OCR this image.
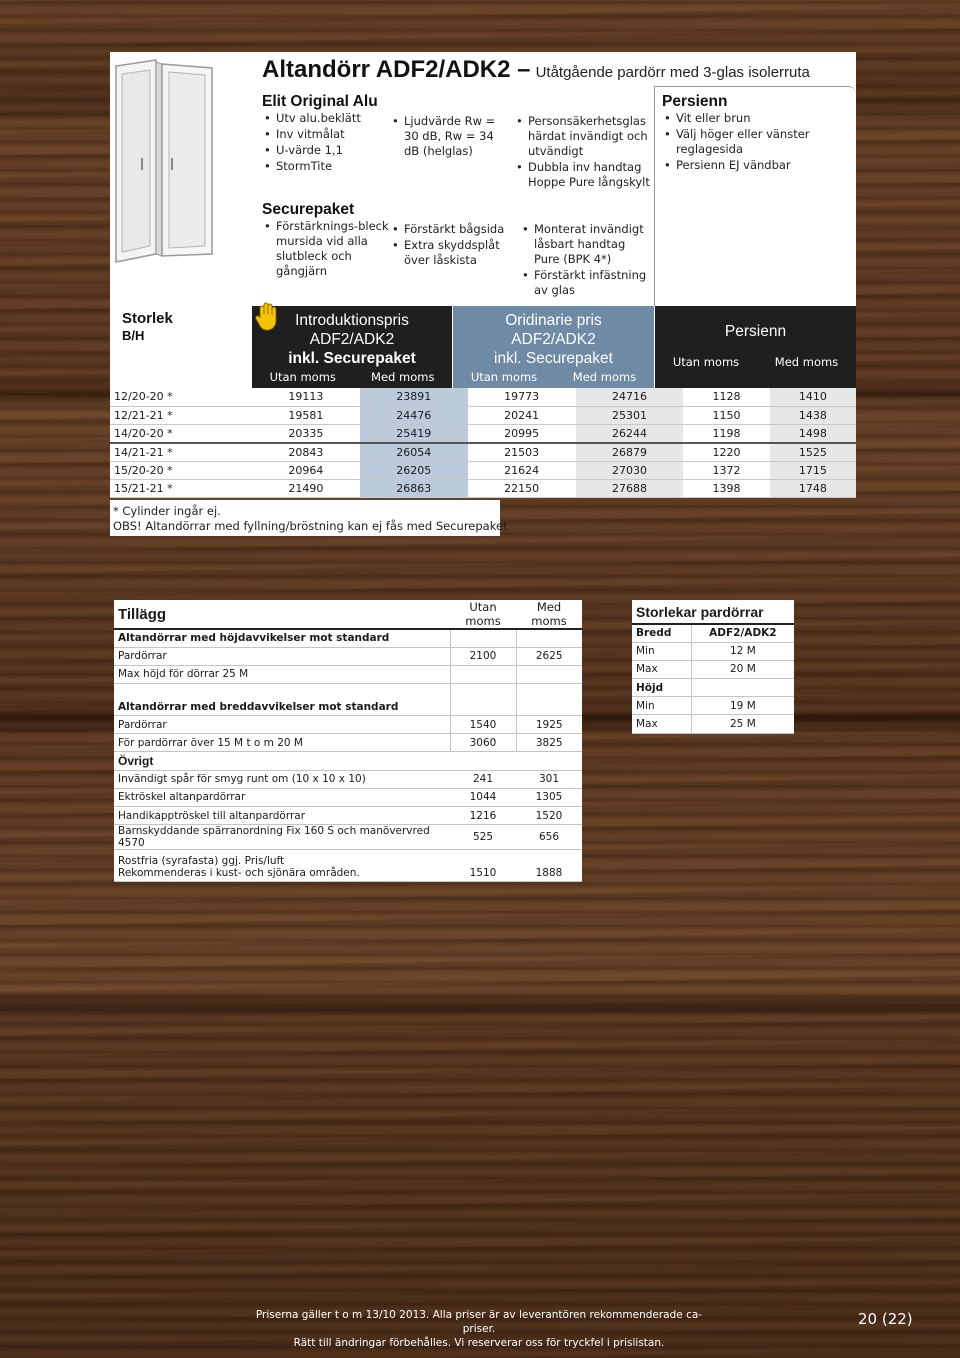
Altandörr ADF2/ADK2 – Utåtgående pardörr med 3-glas isolerruta
Elit Original Alu
• Utv alu.beklätt
• Inv vitmålat
• U-värde 1,1
• StormTite
• Ljudvärde Rw = 30 dB, Rw = 34 dB (helglas)
• Personsäkerhetsglas härdat invändigt och utvändigt
• Dubbla inv handtag Hoppe Pure långskylt
Securepaket
• Förstärknings-bleck mursida vid alla slutbleck och gångjärn
• Förstärkt bågsida
• Extra skyddsplåt över låskista
• Monterat invändigt låsbart handtag Pure (BPK 4*)
• Förstärkt infästning av glas
Persienn
• Vit eller brun
• Välj höger eller vänster reglagesida
• Persienn EJ vändbar
Storlek
B/H
Introduktionspris
ADF2/ADK2
inkl. Securepaket
Utan moms	Med moms
Oridinarie pris
ADF2/ADK2
inkl. Securepaket
Utan moms	Med moms
Persienn
Utan moms	Med moms
12/20-20 *	19113	23891	19773	24716	1128	1410
12/21-21 *	19581	24476	20241	25301	1150	1438
14/20-20 *	20335	25419	20995	26244	1198	1498
14/21-21 *	20843	26054	21503	26879	1220	1525
15/20-20 *	20964	26205	21624	27030	1372	1715
15/21-21 *	21490	26863	22150	27688	1398	1748
* Cylinder ingår ej.
OBS! Altandörrar med fyllning/bröstning kan ej fås med Securepaket
Tillägg	Utan moms	Med moms
Altandörrar med höjdavvikelser mot standard		
Pardörrar	2100	2625
Max höjd för dörrar 25 M		
Altandörrar med breddavvikelser mot standard		
Pardörrar	1540	1925
För pardörrar över 15 M t o m 20 M	3060	3825
Övrigt		
Invändigt spår för smyg runt om (10 x 10 x 10)	241	301
Ektröskel altanpardörrar	1044	1305
Handikapptröskel till altanpardörrar	1216	1520
Barnskyddande spärranordning Fix 160 S och manövervred 4570	525	656

Rostfria (syrafasta) ggj. Pris/luft
Rekommenderas i kust- och sjönära områden.	1510	1888
Storlekar pardörrar	
Bredd	ADF2/ADK2
Min	12 M
Max	20 M
Höjd	
Min	19 M
Max	25 M
Priserna gäller t o m 13/10 2013. Alla priser är av leverantören rekommenderade ca-priser.
Rätt till ändringar förbehålles. Vi reserverar oss för tryckfel i prislistan.
20 (22)
